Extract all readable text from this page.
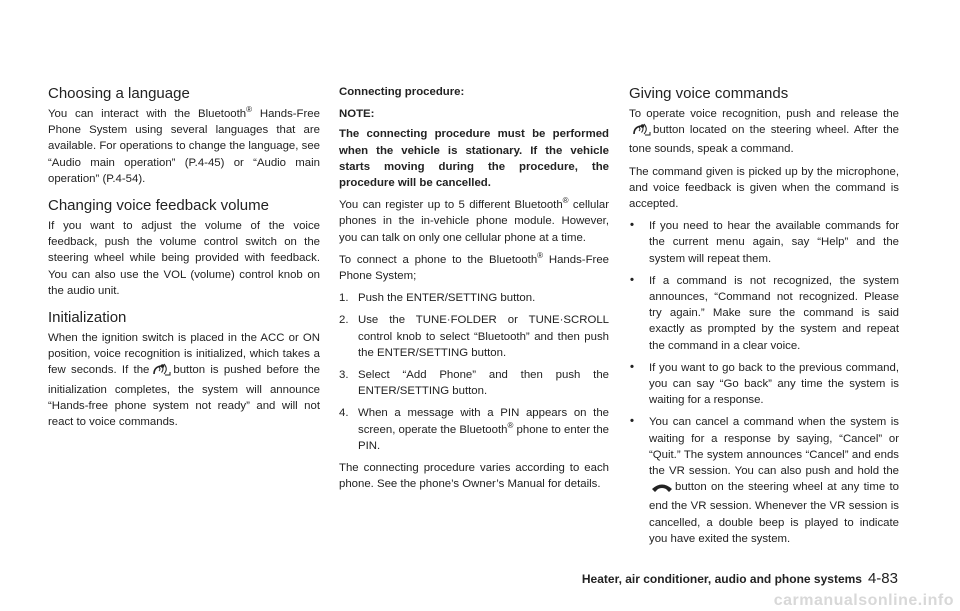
Choosing a language

You can interact with the Bluetooth® Hands-Free Phone System using several languages that are available. For operations to change the language, see “Audio main operation” (P.4-45) or “Audio main operation” (P.4-54).

Changing voice feedback volume

If you want to adjust the volume of the voice feedback, push the volume control switch on the steering wheel while being provided with feedback. You can also use the VOL (volume) control knob on the audio unit.

Initialization

When the ignition switch is placed in the ACC or ON position, voice recognition is initialized, which takes a few seconds. If the button is pushed before the initialization completes, the system will announce “Hands-free phone system not ready” and will not react to voice commands.

Connecting procedure:
NOTE:
The connecting procedure must be performed when the vehicle is stationary. If the vehicle starts moving during the procedure, the procedure will be cancelled.

You can register up to 5 different Bluetooth® cellular phones in the in-vehicle phone module. However, you can talk on only one cellular phone at a time.

To connect a phone to the Bluetooth® Hands-Free Phone System;

1. Push the ENTER/SETTING button.
2. Use the TUNE·FOLDER or TUNE·SCROLL control knob to select “Bluetooth” and then push the ENTER/SETTING button.
3. Select “Add Phone” and then push the ENTER/SETTING button.
4. When a message with a PIN appears on the screen, operate the Bluetooth® phone to enter the PIN.

The connecting procedure varies according to each phone. See the phone’s Owner’s Manual for details.

Giving voice commands

To operate voice recognition, push and release thebutton located on the steering wheel. After the tone sounds, speak a command.

The command given is picked up by the microphone, and voice feedback is given when the command is accepted.

• If you need to hear the available commands for the current menu again, say “Help” and the system will repeat them.
• If a command is not recognized, the system announces, “Command not recognized. Please try again.” Make sure the command is said exactly as prompted by the system and repeat the command in a clear voice.
• If you want to go back to the previous command, you can say “Go back” any time the system is waiting for a response.
• You can cancel a command when the system is waiting for a response by saying, “Cancel” or “Quit.” The system announces “Cancel” and ends the VR session. You can also push and hold thebutton on the steering wheel at any time to end the VR session. Whenever the VR session is cancelled, a double beep is played to indicate you have exited the system.
Heater, air conditioner, audio and phone systems 4-83
carmanualsonline.info
